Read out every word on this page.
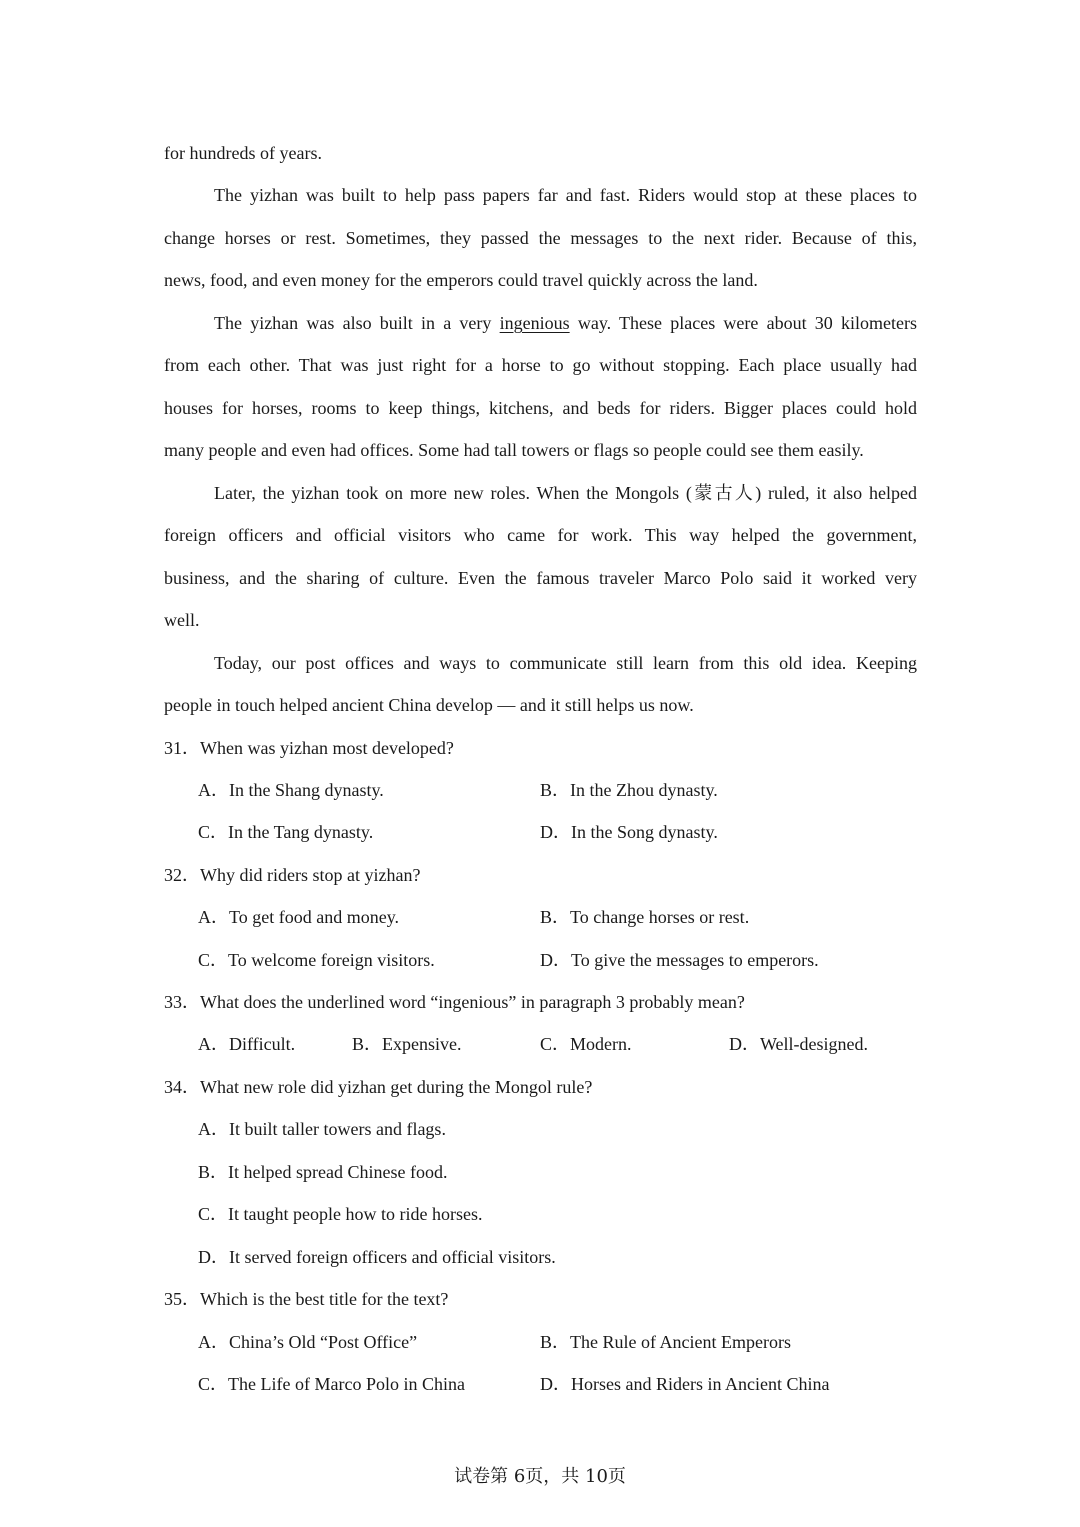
for hundreds of years.
The yizhan was built to help pass papers far and fast. Riders would stop at these places to
change horses or rest. Sometimes, they passed the messages to the next rider. Because of this,
news, food, and even money for the emperors could travel quickly across the land.
The yizhan was also built in a very ingenious way. These places were about 30 kilometers
from each other. That was just right for a horse to go without stopping. Each place usually had
houses for horses, rooms to keep things, kitchens, and beds for riders. Bigger places could hold
many people and even had offices. Some had tall towers or flags so people could see them easily.
Later, the yizhan took on more new roles. When the Mongols (蒙古人) ruled, it also helped
foreign officers and official visitors who came for work. This way helped the government,
business, and the sharing of culture. Even the famous traveler Marco Polo said it worked very
well.
Today, our post offices and ways to communicate still learn from this old idea. Keeping
people in touch helped ancient China develop — and it still helps us now.
31．When was yizhan most developed?
A．In the Shang dynasty.	B．In the Zhou dynasty.
C．In the Tang dynasty.	D．In the Song dynasty.
32．Why did riders stop at yizhan?
A．To get food and money.	B．To change horses or rest.
C．To welcome foreign visitors.	D．To give the messages to emperors.
33．What does the underlined word “ingenious” in paragraph 3 probably mean?
A．Difficult.	B．Expensive.	C．Modern.	D．Well-designed.
34．What new role did yizhan get during the Mongol rule?
A．It built taller towers and flags.
B．It helped spread Chinese food.
C．It taught people how to ride horses.
D．It served foreign officers and official visitors.
35．Which is the best title for the text?
A．China’s Old “Post Office”	B．The Rule of Ancient Emperors
C．The Life of Marco Polo in China	D．Horses and Riders in Ancient China
试卷第 6页，共 10页
